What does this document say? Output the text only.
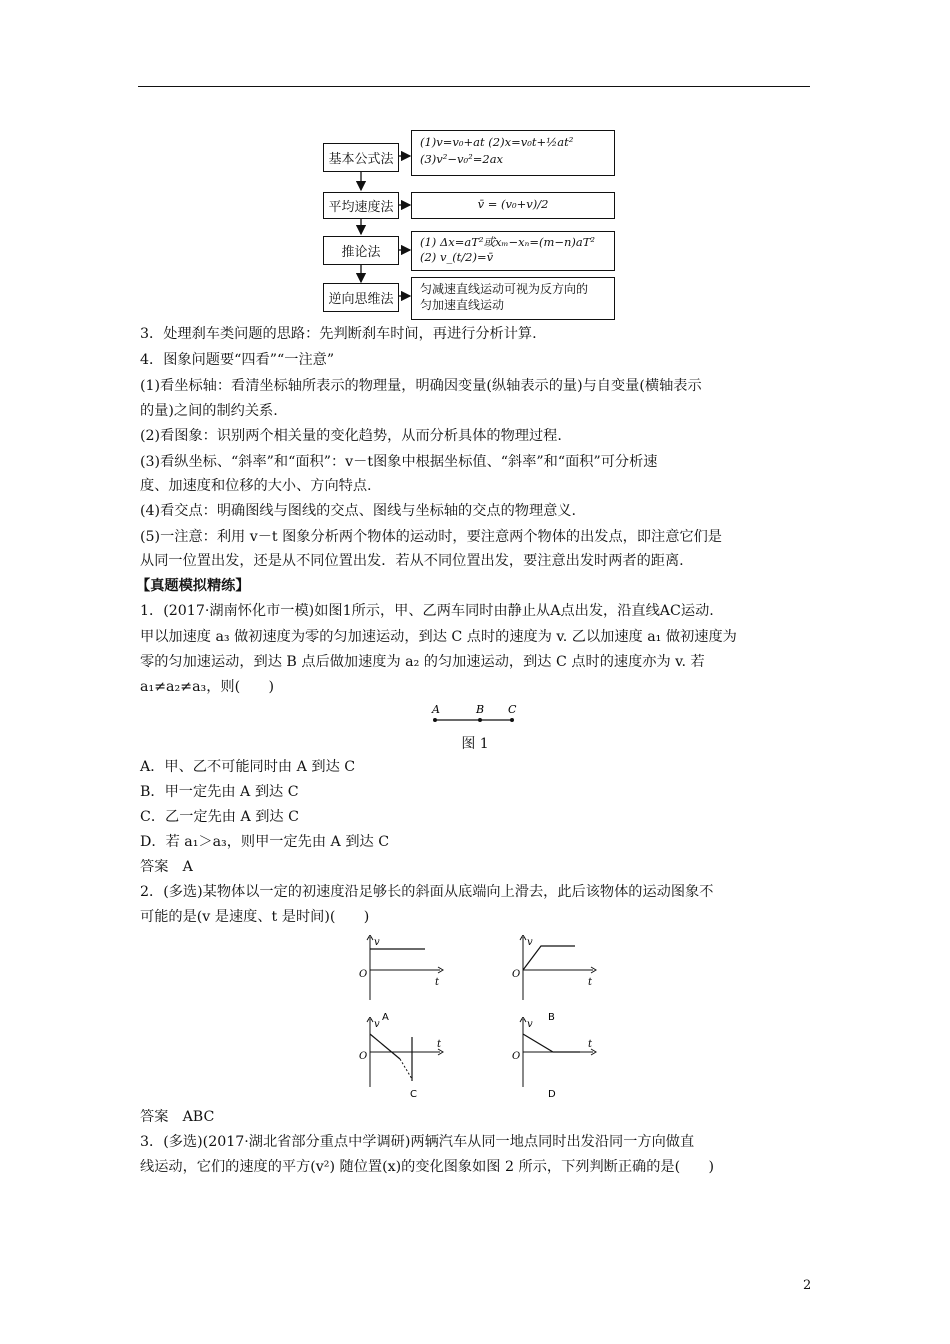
基本公式法
平均速度法
推论法
逆向思维法
(1)v=v₀+at (2)x=v₀t+½at²
(3)v²−v₀²=2ax
v̄ = (v₀+v)/2
(1) Δx=aT²或xₘ−xₙ=(m−n)aT²
(2) v_(t/2)=v̄
匀减速直线运动可视为反方向的
匀加速直线运动
3．处理刹车类问题的思路：先判断刹车时间，再进行分析计算.
4．图象问题要“四看”“一注意”
(1)看坐标轴：看清坐标轴所表示的物理量，明确因变量(纵轴表示的量)与自变量(横轴表示
的量)之间的制约关系.
(2)看图象：识别两个相关量的变化趋势，从而分析具体的物理过程.
(3)看纵坐标、“斜率”和“面积”：v－t图象中根据坐标值、“斜率”和“面积”可分析速
度、加速度和位移的大小、方向特点.
(4)看交点：明确图线与图线的交点、图线与坐标轴的交点的物理意义.
(5)一注意：利用 v－t 图象分析两个物体的运动时，要注意两个物体的出发点，即注意它们是
从同一位置出发，还是从不同位置出发．若从不同位置出发，要注意出发时两者的距离.
【真题模拟精练】
1．(2017·湖南怀化市一模)如图1所示，甲、乙两车同时由静止从A点出发，沿直线AC运动.
甲以加速度 a₃ 做初速度为零的匀加速运动，到达 C 点时的速度为 v. 乙以加速度 a₁ 做初速度为
零的匀加速运动，到达 B 点后做加速度为 a₂ 的匀加速运动，到达 C 点时的速度亦为 v. 若
a₁≠a₂≠a₃，则(　　)
A	B C
图 1
A．甲、乙不可能同时由 A 到达 C
B．甲一定先由 A 到达 C
C．乙一定先由 A 到达 C
D．若 a₁＞a₃，则甲一定先由 A 到达 C
答案　A
2．(多选)某物体以一定的初速度沿足够长的斜面从底端向上滑去，此后该物体的运动图象不
可能的是(v 是速度、t 是时间)(　　)
v
t
O
A
v
t
O
B
v
t
O
C
v
t
O
D
答案　ABC
3．(多选)(2017·湖北省部分重点中学调研)两辆汽车从同一地点同时出发沿同一方向做直
线运动，它们的速度的平方(v²) 随位置(x)的变化图象如图 2 所示，下列判断正确的是(　　)
2
